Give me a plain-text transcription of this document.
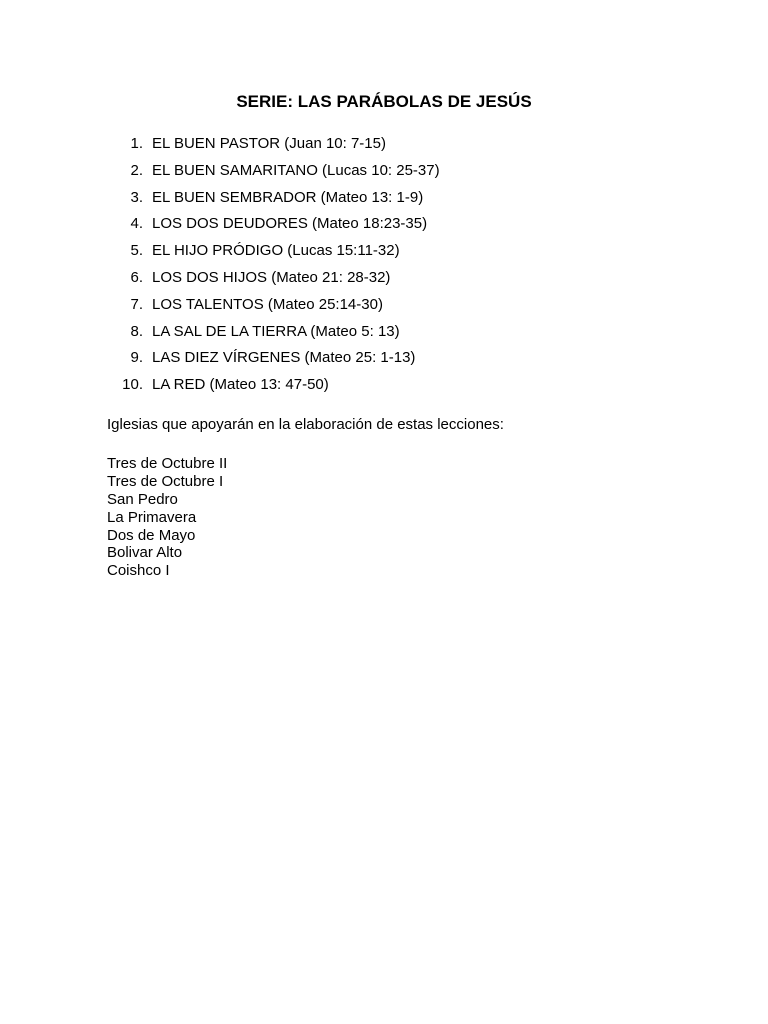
SERIE: LAS PARÁBOLAS DE JESÚS
1. EL BUEN PASTOR (Juan 10: 7-15)
2. EL BUEN SAMARITANO (Lucas 10: 25-37)
3. EL BUEN SEMBRADOR (Mateo 13: 1-9)
4. LOS DOS DEUDORES (Mateo 18:23-35)
5. EL HIJO PRÓDIGO (Lucas 15:11-32)
6. LOS DOS HIJOS (Mateo 21: 28-32)
7. LOS TALENTOS (Mateo 25:14-30)
8. LA SAL DE LA TIERRA (Mateo 5: 13)
9. LAS DIEZ VÍRGENES (Mateo 25: 1-13)
10. LA RED (Mateo 13: 47-50)
Iglesias que apoyarán en la elaboración de estas lecciones:
Tres de Octubre II
Tres de Octubre I
San Pedro
La Primavera
Dos de Mayo
Bolivar Alto
Coishco I
